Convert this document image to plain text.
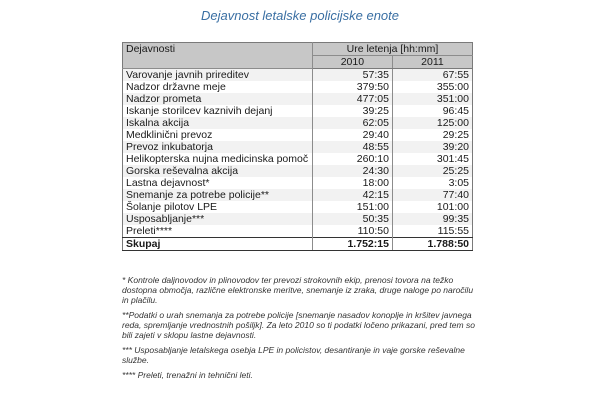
Dejavnost letalske policijske enote
Dejavnosti	Ure letenja [hh:mm]	
	2010	2011
Varovanje javnih prireditev	57:35	67:55
Nadzor državne meje	379:50	355:00
Nadzor prometa	477:05	351:00
Iskanje storilcev kaznivih dejanj	39:25	96:45
Iskalna akcija	62:05	125:00
Medklinični prevoz	29:40	29:25
Prevoz inkubatorja	48:55	39:20
Helikopterska nujna medicinska pomoč	260:10	301:45
Gorska reševalna akcija	24:30	25:25
Lastna dejavnost*	18:00	3:05
Snemanje za potrebe policije**	42:15	77:40
Šolanje pilotov LPE	151:00	101:00
Usposabljanje***	50:35	99:35
Preleti****	110:50	115:55
Skupaj	1.752:15	1.788:50

* Kontrole daljnovodov in plinovodov ter prevozi strokovnih ekip, prenosi tovora na težko dostopna območja, različne elektronske meritve, snemanje iz zraka, druge naloge po naročilu in plačilu.

**Podatki o urah snemanja za potrebe policije [snemanje nasadov konoplje in kršitev javnega reda, spremljanje vrednostnih pošiljk]. Za leto 2010 so ti podatki ločeno prikazani, pred tem so bili zajeti v sklopu lastne dejavnosti.

*** Usposabljanje letalskega osebja LPE in policistov, desantiranje in vaje gorske reševalne službe.

**** Preleti, trenažni in tehnični leti.
